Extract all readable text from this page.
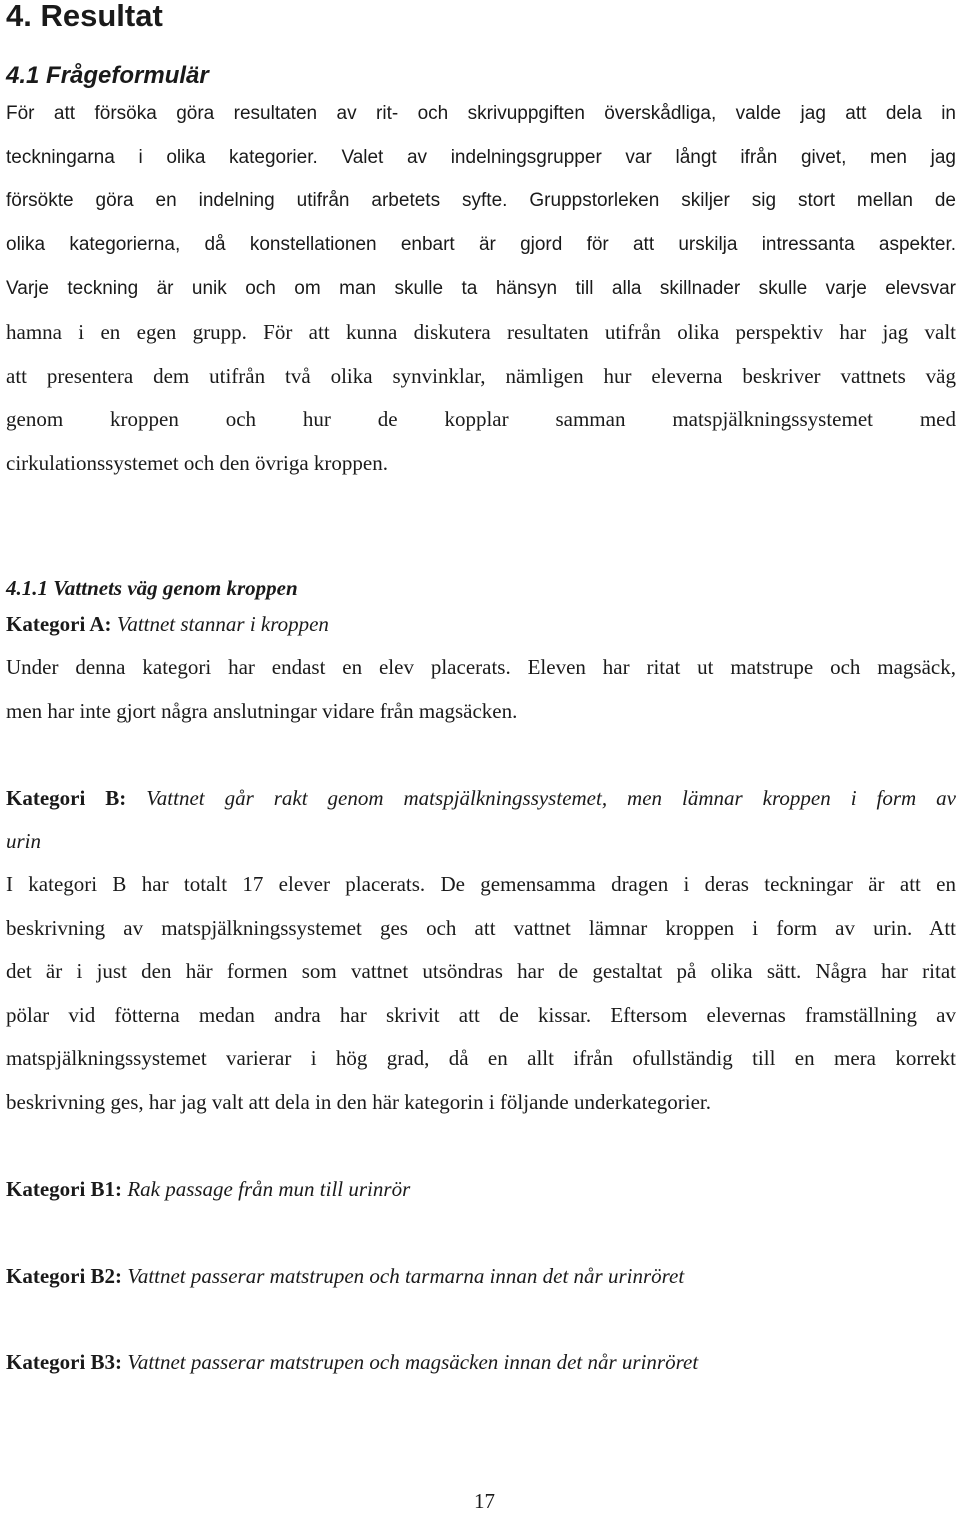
4. Resultat
4.1 Frågeformulär
För att försöka göra resultaten av rit- och skrivuppgiften överskådliga, valde jag att dela in
teckningarna i olika kategorier. Valet av indelningsgrupper var långt ifrån givet, men jag
försökte göra en indelning utifrån arbetets syfte. Gruppstorleken skiljer sig stort mellan de
olika kategorierna, då konstellationen enbart är gjord för att urskilja intressanta aspekter.
Varje teckning är unik och om man skulle ta hänsyn till alla skillnader skulle varje elevsvar
hamna i en egen grupp. För att kunna diskutera resultaten utifrån olika perspektiv har jag valt
att presentera dem utifrån två olika synvinklar, nämligen hur eleverna beskriver vattnets väg
genom kroppen och hur de kopplar samman matspjälkningssystemet med
cirkulationssystemet och den övriga kroppen.
4.1.1 Vattnets väg genom kroppen
Kategori A: Vattnet stannar i kroppen
Under denna kategori har endast en elev placerats. Eleven har ritat ut matstrupe och magsäck,
men har inte gjort några anslutningar vidare från magsäcken.
Kategori B: Vattnet går rakt genom matspjälkningssystemet, men lämnar kroppen i form av
urin
I kategori B har totalt 17 elever placerats. De gemensamma dragen i deras teckningar är att en
beskrivning av matspjälkningssystemet ges och att vattnet lämnar kroppen i form av urin. Att
det är i just den här formen som vattnet utsöndras har de gestaltat på olika sätt. Några har ritat
pölar vid fötterna medan andra har skrivit att de kissar. Eftersom elevernas framställning av
matspjälkningssystemet varierar i hög grad, då en allt ifrån ofullständig till en mera korrekt
beskrivning ges, har jag valt att dela in den här kategorin i följande underkategorier.
Kategori B1: Rak passage från mun till urinrör
Kategori B2: Vattnet passerar matstrupen och tarmarna innan det når urinröret
Kategori B3: Vattnet passerar matstrupen och magsäcken innan det når urinröret
17
